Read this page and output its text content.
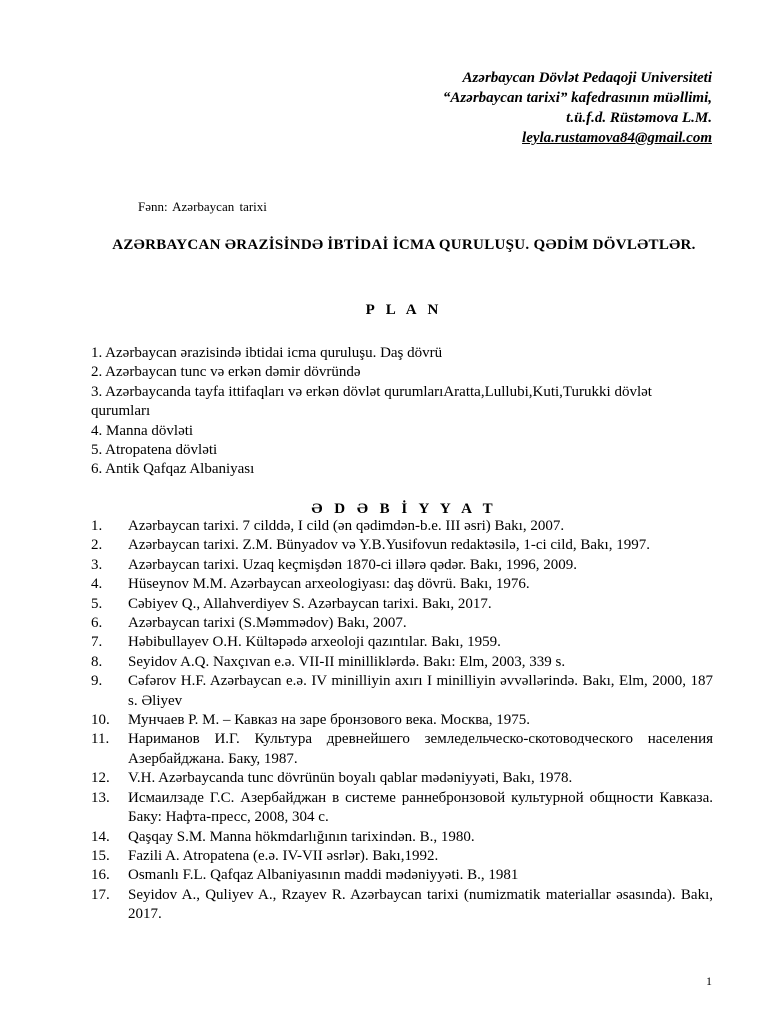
Azərbaycan Dövlət Pedaqoji Universiteti
“Azərbaycan tarixi” kafedrasının müəllimi,
t.ü.f.d. Rüstəmova L.M.
leyla.rustamova84@gmail.com
Fənn: Azərbaycan tarixi
AZƏRBAYCAN ƏRAZİSİNDƏ İBTİDAİ İCMA QURULUŞU. QƏDİM DÖVLƏTLƏR.
P L A N
1. Azərbaycan ərazisində ibtidai icma quruluşu. Daş dövrü
2. Azərbaycan tunc və erkən dəmir dövründə
3. Azərbaycanda tayfa ittifaqları və erkən dövlət qurumlarıAratta,Lullubi,Kuti,Turukki dövlət qurumları
4. Manna dövləti
5. Atropatena dövləti
6. Antik Qafqaz Albaniyası
Ə D Ə B İ Y Y A T
1.	Azərbaycan tarixi. 7 cilddə, I cild (ən qədimdən-b.e. III əsri) Bakı, 2007.
2.	Azərbaycan tarixi. Z.M. Bünyadov və Y.B.Yusifovun redaktəsilə, 1-ci cild, Bakı, 1997.
3.	Azərbaycan tarixi. Uzaq keçmişdən 1870-ci illərə qədər. Bakı, 1996, 2009.
4.	Hüseynov M.M. Azərbaycan arxeologiyası: daş dövrü. Bakı, 1976.
5.	Cəbiyev Q., Allahverdiyev S. Azərbaycan tarixi. Bakı, 2017.
6.	Azərbaycan tarixi (S.Məmmədov) Bakı, 2007.
7.	Həbibullayev O.H. Kültəpədə arxeoloji qazıntılar. Bakı, 1959.
8.	Seyidov A.Q. Naxçıvan e.ə. VII-II minilliklərdə. Bakı: Elm, 2003, 339 s.
9.	Cəfərov H.F. Azərbaycan e.ə. IV minilliyin axırı I minilliyin əvvəllərində. Bakı, Elm, 2000, 187 s. Əliyev
10.	Мунчаев Р. М. – Кавказ на заре бронзового века. Москва, 1975.
11.	Нариманов И.Г. Культура древнейшего земледельческо-скотоводческого населения Азербайджана. Баку, 1987.
12.	V.H. Azərbaycanda tunc dövrünün boyalı qablar mədəniyyəti, Bakı, 1978.
13.	Исмаилзаде Г.С. Азербайджан в системе раннебронзовой культурной общности Кавказа. Баку: Нафта-пресс, 2008, 304 с.
14.	Qaşqay S.M. Manna hökmdarlığının tarixindən. B., 1980.
15.	Fazili A. Atropatena (e.ə. IV-VII əsrlər). Bakı,1992.
16.	Osmanlı F.L. Qafqaz Albaniyasının maddi mədəniyyəti. B., 1981
17.	Seyidov A., Quliyev A., Rzayev R. Azərbaycan tarixi (numizmatik materiallar əsasında). Bakı, 2017.
1
